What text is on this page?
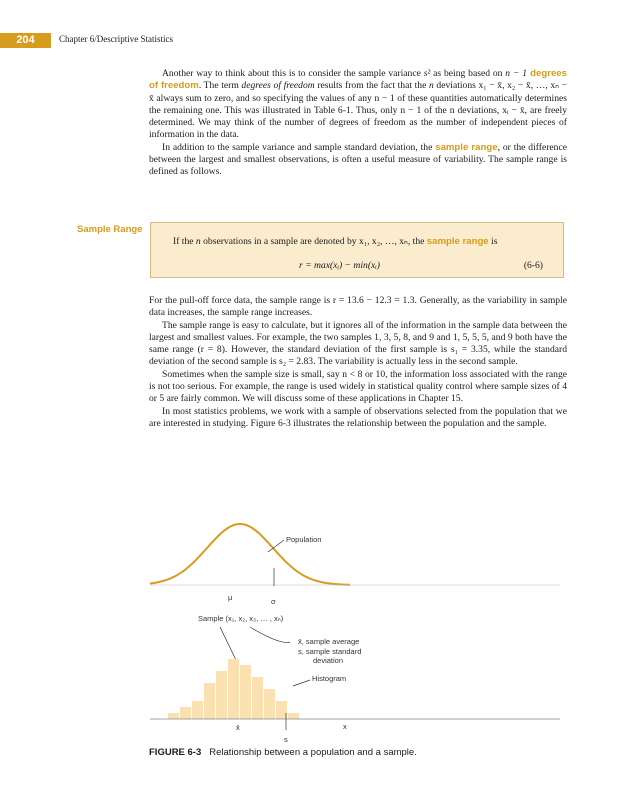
204	Chapter 6/Descriptive Statistics

Another way to think about this is to consider the sample variance s² as being based on n − 1 degrees of freedom. The term degrees of freedom results from the fact that the n deviations x₁ − x̄, x₂ − x̄, …, xₙ − x̄ always sum to zero, and so specifying the values of any n − 1 of these quantities automatically determines the remaining one. This was illustrated in Table 6-1. Thus, only n − 1 of the n deviations, xᵢ − x̄, are freely determined. We may think of the number of degrees of freedom as the number of independent pieces of information in the data.

In addition to the sample variance and sample standard deviation, the sample range, or the difference between the largest and smallest observations, is often a useful measure of variability. The sample range is defined as follows.

Sample Range
If the n observations in a sample are denoted by x₁, x₂, …, xₙ, the sample range is
r = max(xᵢ) − min(xᵢ)	(6-6)

For the pull-off force data, the sample range is r = 13.6 − 12.3 = 1.3. Generally, as the variability in sample data increases, the sample range increases.

The sample range is easy to calculate, but it ignores all of the information in the sample data between the largest and smallest values. For example, the two samples 1, 3, 5, 8, and 9 and 1, 5, 5, 5, and 9 both have the same range (r = 8). However, the standard deviation of the first sample is s₁ = 3.35, while the standard deviation of the second sample is s₂ = 2.83. The variability is actually less in the second sample.

Sometimes when the sample size is small, say n < 8 or 10, the information loss associated with the range is not too serious. For example, the range is used widely in statistical quality control where sample sizes of 4 or 5 are fairly common. We will discuss some of these applications in Chapter 15.

In most statistics problems, we work with a sample of observations selected from the population that we are interested in studying. Figure 6-3 illustrates the relationship between the population and the sample.

Population
μ	σ
Sample (x₁, x₂, x₃, … , xₙ)
x̄, sample average
s, sample standard
deviation
Histogram
x̄	x
s
FIGURE 6-3 Relationship between a population and a sample.
